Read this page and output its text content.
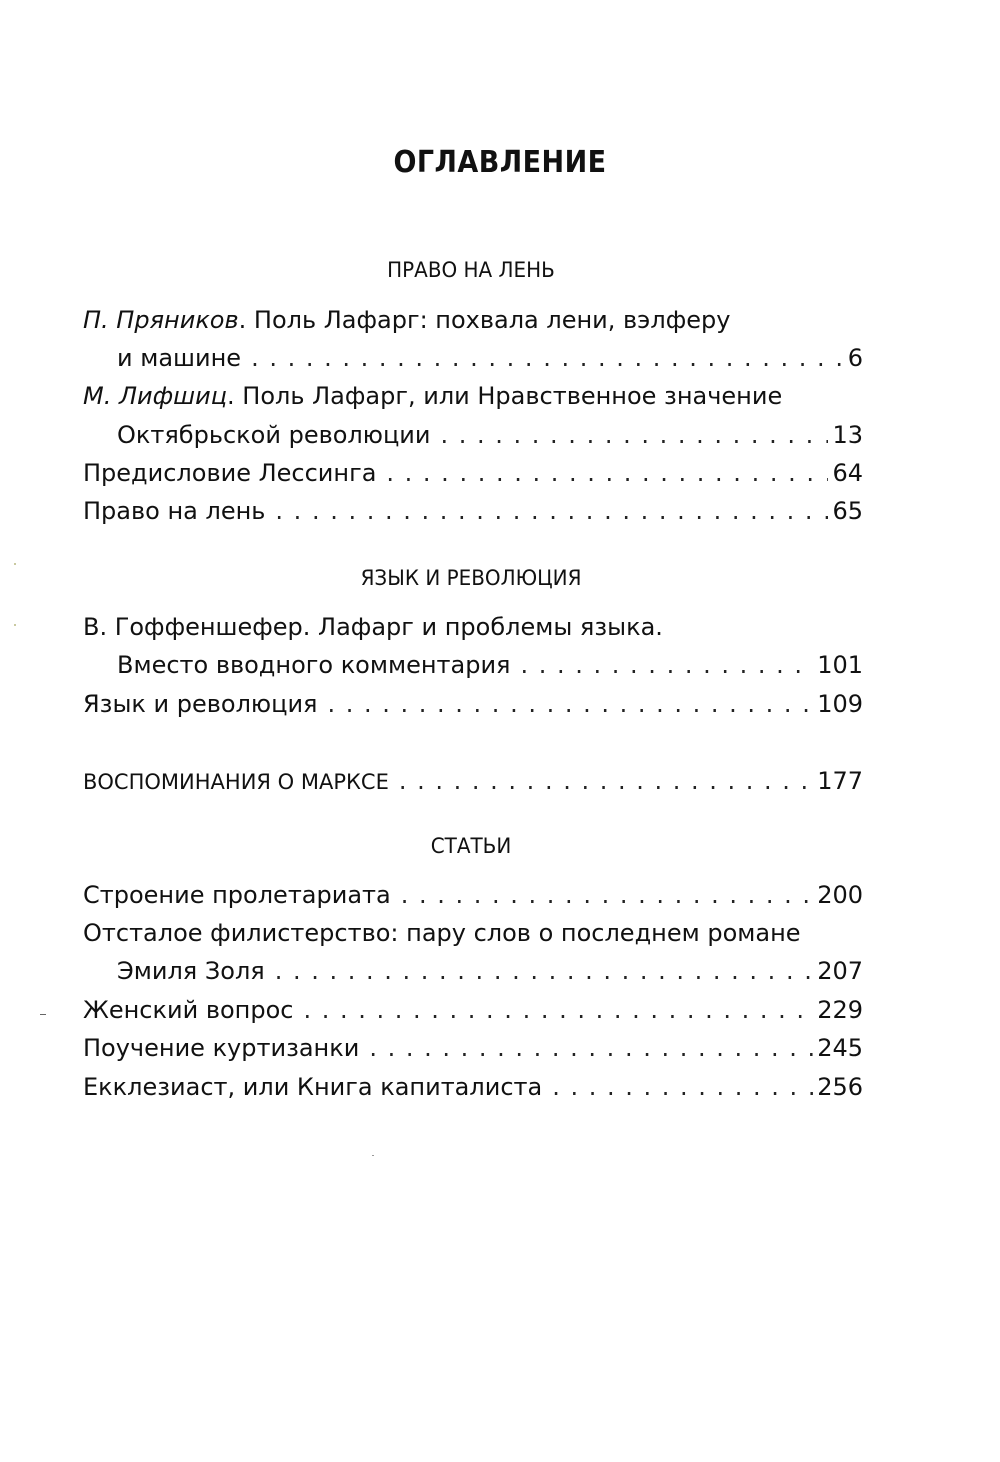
ОГЛАВЛЕНИЕ
ПРАВО НА ЛЕНЬ
П. Пряников. Поль Лафарг: похвала лени, вэлферу
и машине . . .	6
М. Лифшиц. Поль Лафарг, или Нравственное значение
Октябрьской революции . . .	13
Предисловие Лессинга . . .	64
Право на лень . . .	65
ЯЗЫК И РЕВОЛЮЦИЯ
В. Гоффеншефер. Лафарг и проблемы языка.
Вместо вводного комментария . . .	101
Язык и революция . . .	109
ВОСПОМИНАНИЯ О МАРКСЕ . . .	177
СТАТЬИ
Строение пролетариата . . .	200
Отсталое филистерство: пару слов о последнем романе
Эмиля Золя . . .	207
Женский вопрос . . .	229
Поучение куртизанки . . .	245
Екклезиаст, или Книга капиталиста . . .	256
